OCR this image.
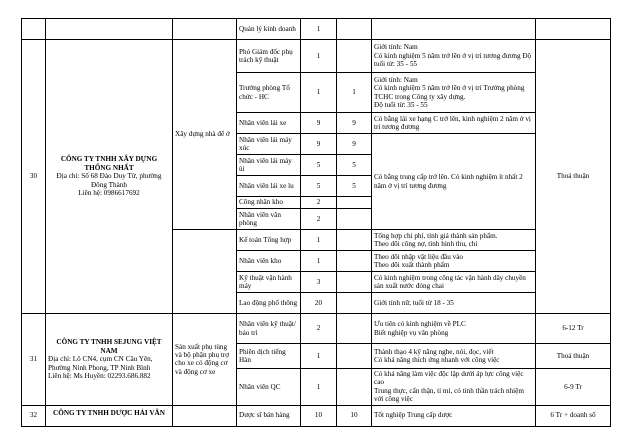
			Quản lý kinh doanh	1			
30	CÔNG TY TNHH XÂY DỰNG THỐNG NHẤT
Địa chỉ: Số 68 Đào Duy Từ, phường Đông Thành
Liên hệ: 0986617692	Xây dựng nhà để ở	Phó Giám đốc phụ trách kỹ thuật	1		Giới tính: Nam
Có kinh nghiệm 5 năm trở lên ở vị trí tương đương Độ tuổi từ: 35 - 55	Thoả thuận
			Trưởng phòng Tổ chức - HC	1	1	Giới tính: Nam
Có kinh nghiệm 5 năm trở lên ở vị trí Trưởng phòng TCHC trong Công ty xây dựng.
Độ tuổi từ: 35 - 55	

			Nhân viên lái xe	9	9	Có bằng lái xe hạng C trở lên, kinh nghiệm 2 năm ở vị trí tương đương	
			Nhân viên lái máy xúc	9	9	Có bằng trung cấp trở lên. Có kinh nghiệm ít nhất 2 năm ở vị trí tương đương	
			Nhân viên lái máy ủi	5	5		
			Nhân viên lái xe lu	5	5		
			Công nhân kho	2			
			Nhân viên văn phòng	2			
			Kế toán Tổng hợp	1		Tổng hợp chi phí, tính giá thành sản phẩm.
Theo dõi công nợ, tình hình thu, chi	

			Nhân viên kho	1		Theo dõi nhập vật liệu đầu vào
Theo dõi xuất thành phẩm	

			Kỹ thuật vận hành máy	3		Có kinh nghiệm trong công tác vận hành dây chuyền sản xuất nước đóng chai	
			Lao động phổ thông	20		Giới tính nữ, tuổi từ 18 - 35	
31	CÔNG TY TNHH SEJUNG VIỆT NAM
Địa chỉ: Lô CN4, cụm CN Cầu Yên, Phường Ninh Phong, TP Ninh Bình
Liên hệ: Ms Huyền: 02293.686.882	Sản xuất phụ tùng và bộ phận phụ trợ cho xe có động cơ và động cơ xe	Nhân viên kỹ thuật/ bảo trì	2		Ưu tiên có kinh nghiệm về PLC
Biết nghiệp vụ văn phòng	6-12 Tr
			Phiên dịch tiếng Hàn	1		Thành thạo 4 kỹ năng nghe, nói, đọc, viết
Có khả năng thích ứng nhanh với công việc	Thoả thuận
			Nhân viên QC	1		Có khả năng làm việc độc lập dưới áp lực công việc cao
Trung thực, cẩn thận, tỉ mỉ, có tinh thần trách nhiệm với công việc	6-9 Tr
32	CÔNG TY TNHH DƯỢC HẢI VÂN		Dược sĩ bán hàng	10	10	Tốt nghiệp Trung cấp dược	6 Tr + doanh số
